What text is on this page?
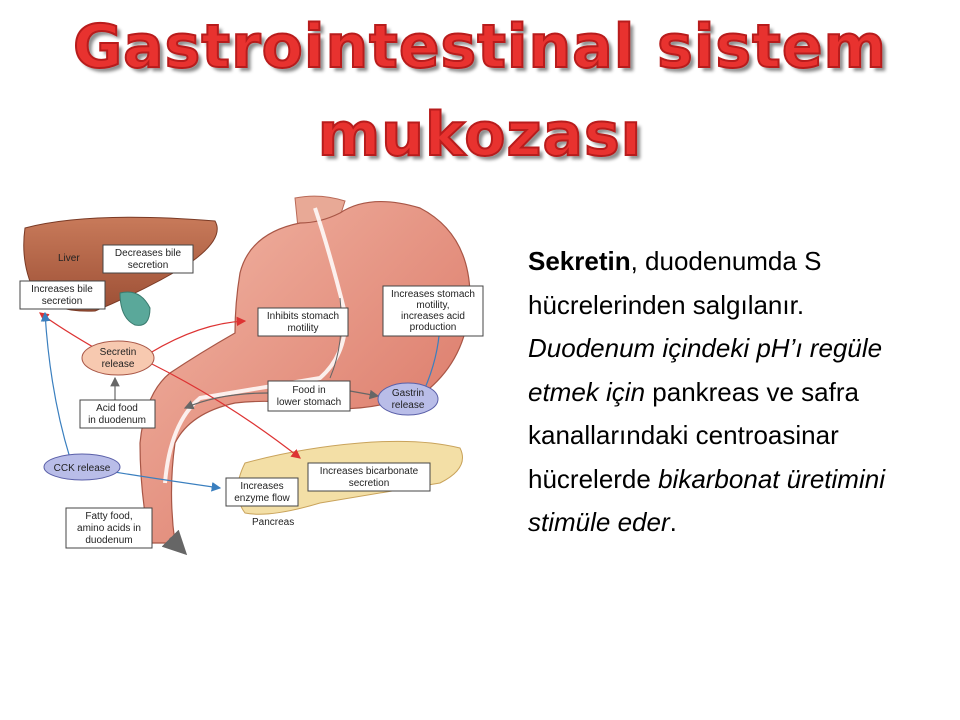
Gastrointestinal sistem
mukozası
Liver
Pancreas
Decreases bile
secretion
Increases bile
secretion
Inhibits stomach
motility
Increases stomach
motility,
increases acid
production
Secretin
release
Food in
lower stomach
Gastrin
release
Acid food
in duodenum
CCK release	Increases bicarbonate
secretion
Increases
enzyme flow
Fatty food,
amino acids in
duodenum

Sekretin, duodenumda S hücrelerinden salgılanır. Duodenum içindeki pH’ı regüle etmek için pankreas ve safra kanallarındaki centroasinar hücrelerde bikarbonat üretimini stimüle eder.
